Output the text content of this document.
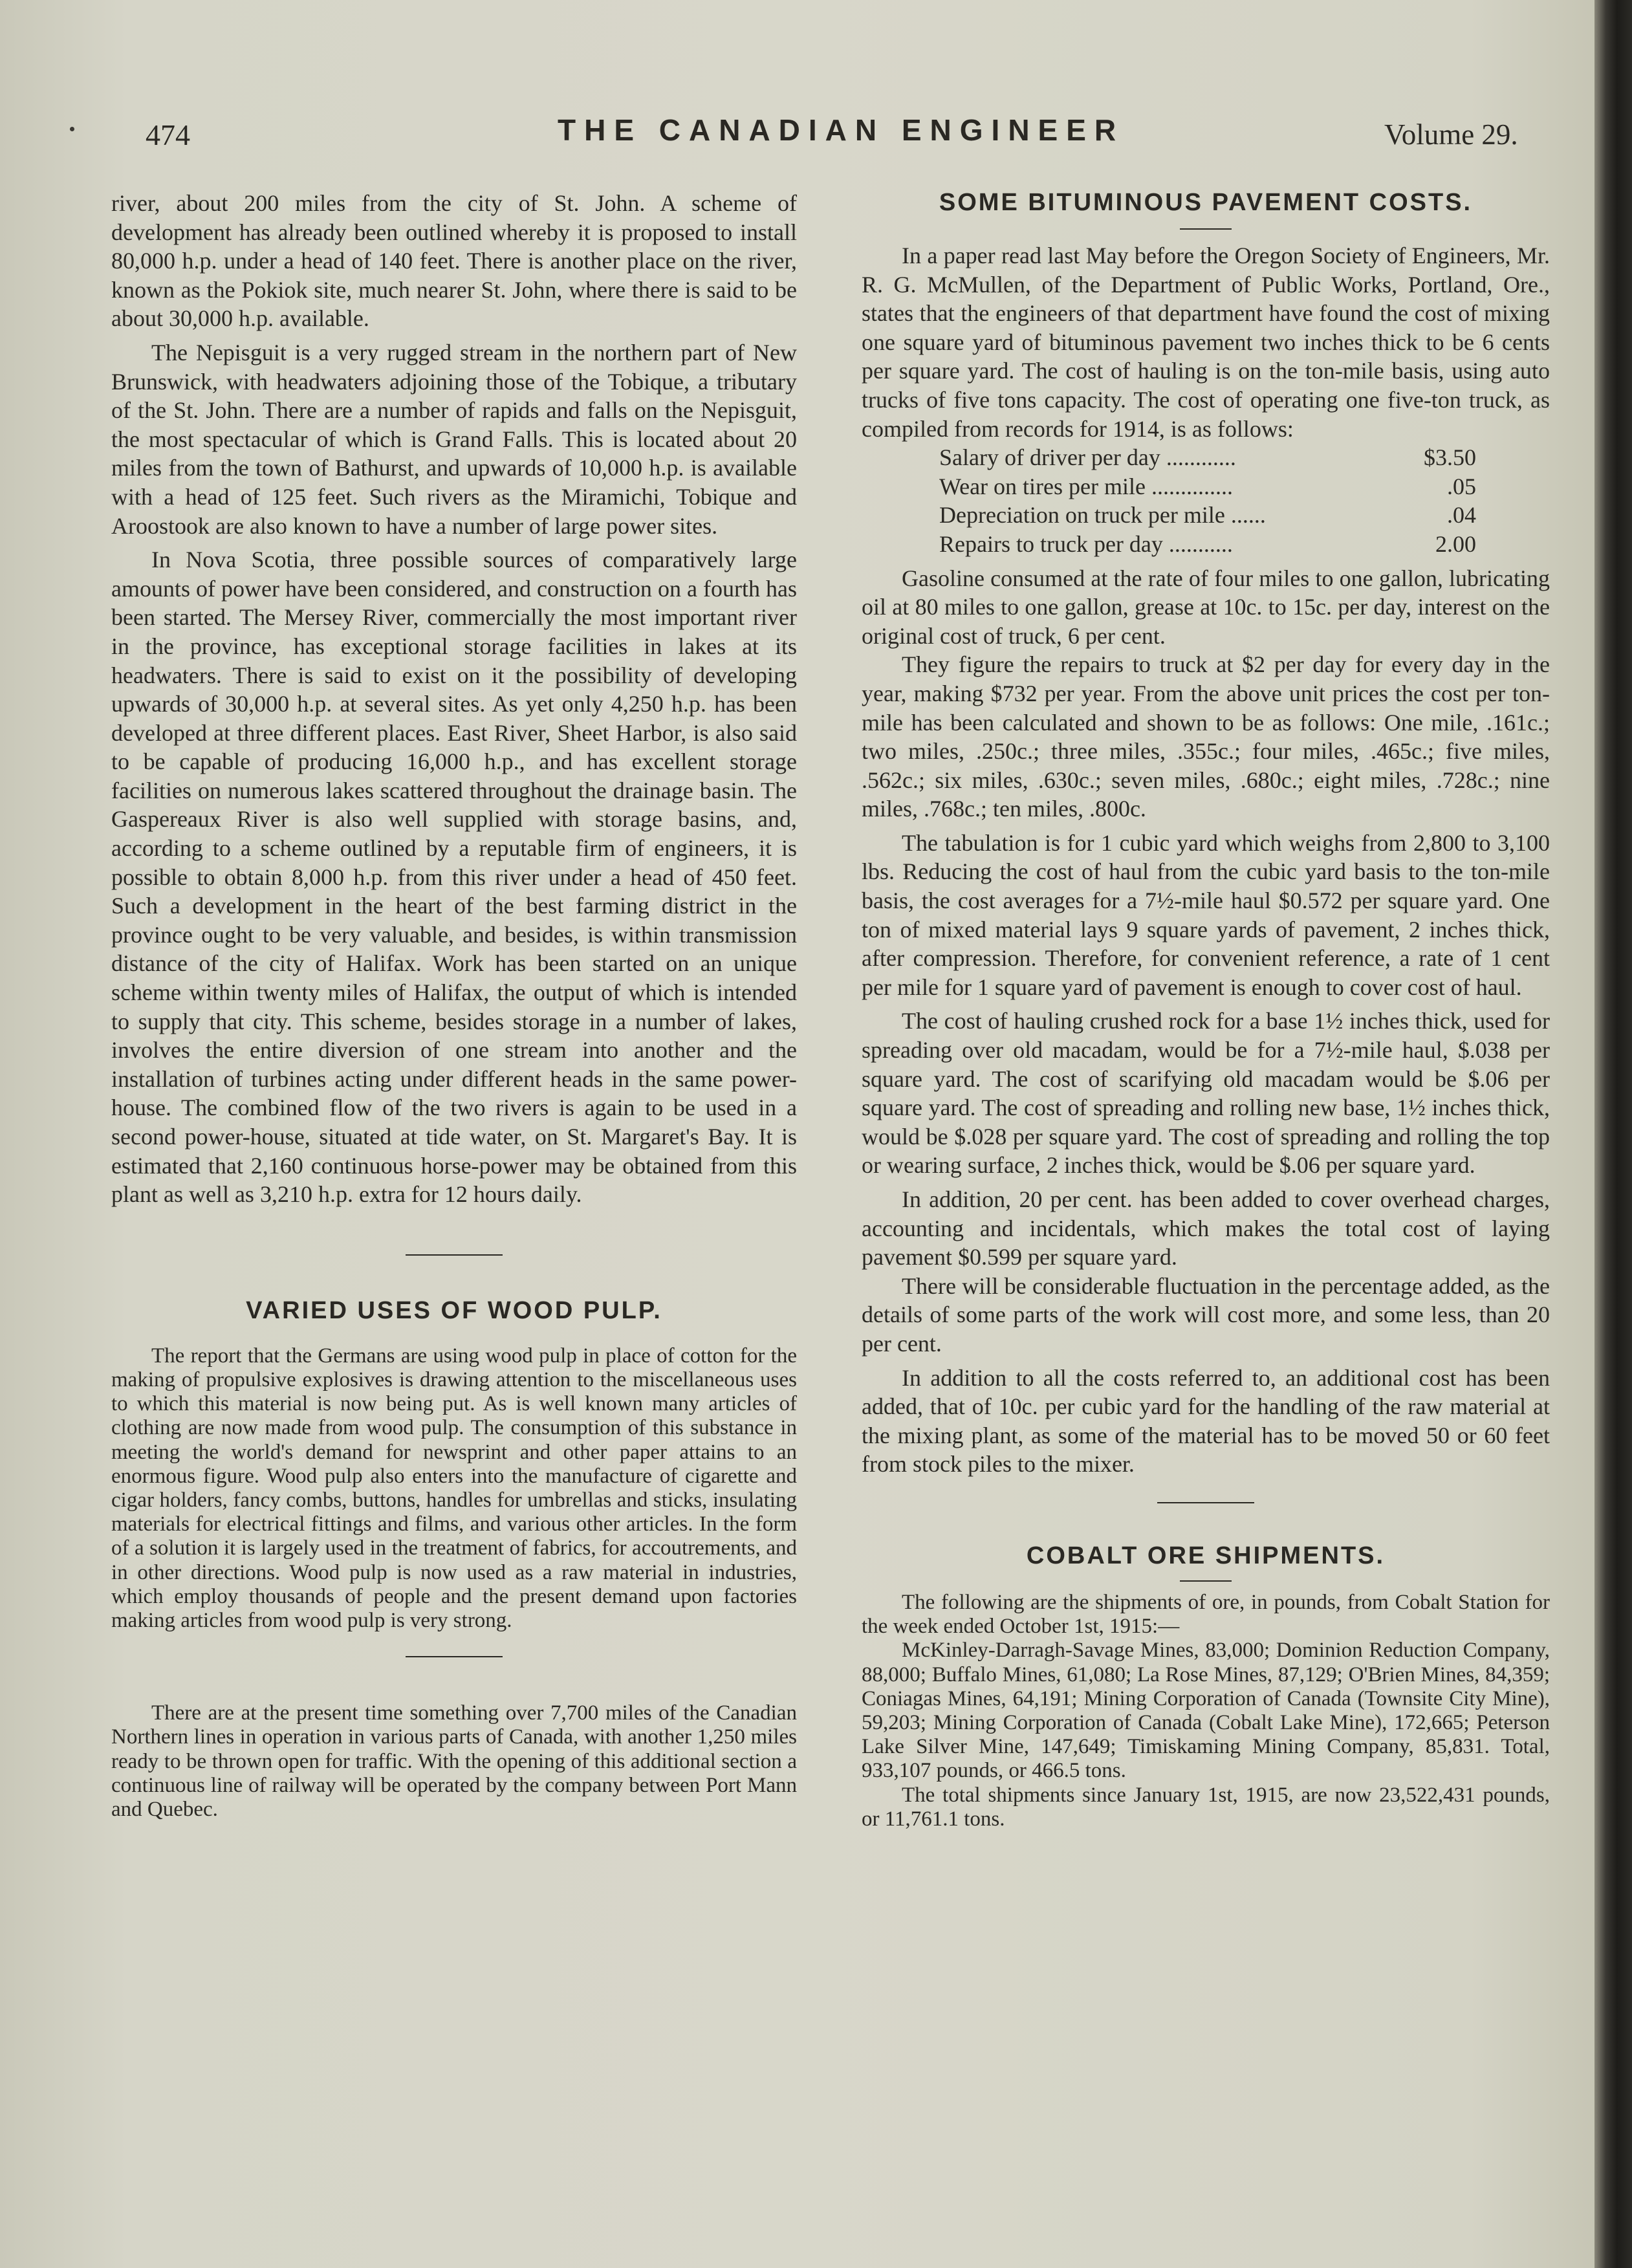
474	THE CANADIAN ENGINEER	Volume 29.

river, about 200 miles from the city of St. John. A scheme of development has already been outlined whereby it is proposed to install 80,000 h.p. under a head of 140 feet. There is another place on the river, known as the Pokiok site, much nearer St. John, where there is said to be about 30,000 h.p. available.

The Nepisguit is a very rugged stream in the northern part of New Brunswick, with headwaters adjoining those of the Tobique, a tributary of the St. John. There are a number of rapids and falls on the Nepisguit, the most spectacular of which is Grand Falls. This is located about 20 miles from the town of Bathurst, and upwards of 10,000 h.p. is available with a head of 125 feet. Such rivers as the Miramichi, Tobique and Aroostook are also known to have a number of large power sites.

In Nova Scotia, three possible sources of comparatively large amounts of power have been considered, and construction on a fourth has been started. The Mersey River, commercially the most important river in the province, has exceptional storage facilities in lakes at its headwaters. There is said to exist on it the possibility of developing upwards of 30,000 h.p. at several sites. As yet only 4,250 h.p. has been developed at three different places. East River, Sheet Harbor, is also said to be capable of producing 16,000 h.p., and has excellent storage facilities on numerous lakes scattered throughout the drainage basin. The Gaspereaux River is also well supplied with storage basins, and, according to a scheme outlined by a reputable firm of engineers, it is possible to obtain 8,000 h.p. from this river under a head of 450 feet. Such a development in the heart of the best farming district in the province ought to be very valuable, and besides, is within transmission distance of the city of Halifax. Work has been started on an unique scheme within twenty miles of Halifax, the output of which is intended to supply that city. This scheme, besides storage in a number of lakes, involves the entire diversion of one stream into another and the installation of turbines acting under different heads in the same power-house. The combined flow of the two rivers is again to be used in a second power-house, situated at tide water, on St. Margaret's Bay. It is estimated that 2,160 continuous horse-power may be obtained from this plant as well as 3,210 h.p. extra for 12 hours daily.

VARIED USES OF WOOD PULP.

The report that the Germans are using wood pulp in place of cotton for the making of propulsive explosives is drawing attention to the miscellaneous uses to which this material is now being put. As is well known many articles of clothing are now made from wood pulp. The consumption of this substance in meeting the world's demand for newsprint and other paper attains to an enormous figure. Wood pulp also enters into the manufacture of cigarette and cigar holders, fancy combs, buttons, handles for umbrellas and sticks, insulating materials for electrical fittings and films, and various other articles. In the form of a solution it is largely used in the treatment of fabrics, for accoutrements, and in other directions. Wood pulp is now used as a raw material in industries, which employ thousands of people and the present demand upon factories making articles from wood pulp is very strong.

There are at the present time something over 7,700 miles of the Canadian Northern lines in operation in various parts of Canada, with another 1,250 miles ready to be thrown open for traffic. With the opening of this additional section a continuous line of railway will be operated by the company between Port Mann and Quebec.

SOME BITUMINOUS PAVEMENT COSTS.

In a paper read last May before the Oregon Society of Engineers, Mr. R. G. McMullen, of the Department of Public Works, Portland, Ore., states that the engineers of that department have found the cost of mixing one square yard of bituminous pavement two inches thick to be 6 cents per square yard. The cost of hauling is on the ton-mile basis, using auto trucks of five tons capacity. The cost of operating one five-ton truck, as compiled from records for 1914, is as follows:

Salary of driver per day ............	$3.50
Wear on tires per mile ..............	.05
Depreciation on truck per mile ......	.04
Repairs to truck per day ...........	2.00

Gasoline consumed at the rate of four miles to one gallon, lubricating oil at 80 miles to one gallon, grease at 10c. to 15c. per day, interest on the original cost of truck, 6 per cent.

They figure the repairs to truck at $2 per day for every day in the year, making $732 per year. From the above unit prices the cost per ton-mile has been calculated and shown to be as follows: One mile, .161c.; two miles, .250c.; three miles, .355c.; four miles, .465c.; five miles, .562c.; six miles, .630c.; seven miles, .680c.; eight miles, .728c.; nine miles, .768c.; ten miles, .800c.

The tabulation is for 1 cubic yard which weighs from 2,800 to 3,100 lbs. Reducing the cost of haul from the cubic yard basis to the ton-mile basis, the cost averages for a 7½-mile haul $0.572 per square yard. One ton of mixed material lays 9 square yards of pavement, 2 inches thick, after compression. Therefore, for convenient reference, a rate of 1 cent per mile for 1 square yard of pavement is enough to cover cost of haul.

The cost of hauling crushed rock for a base 1½ inches thick, used for spreading over old macadam, would be for a 7½-mile haul, $.038 per square yard. The cost of scarifying old macadam would be $.06 per square yard. The cost of spreading and rolling new base, 1½ inches thick, would be $.028 per square yard. The cost of spreading and rolling the top or wearing surface, 2 inches thick, would be $.06 per square yard.

In addition, 20 per cent. has been added to cover overhead charges, accounting and incidentals, which makes the total cost of laying pavement $0.599 per square yard.

There will be considerable fluctuation in the percentage added, as the details of some parts of the work will cost more, and some less, than 20 per cent.

In addition to all the costs referred to, an additional cost has been added, that of 10c. per cubic yard for the handling of the raw material at the mixing plant, as some of the material has to be moved 50 or 60 feet from stock piles to the mixer.

COBALT ORE SHIPMENTS.

The following are the shipments of ore, in pounds, from Cobalt Station for the week ended October 1st, 1915:—

McKinley-Darragh-Savage Mines, 83,000; Dominion Reduction Company, 88,000; Buffalo Mines, 61,080; La Rose Mines, 87,129; O'Brien Mines, 84,359; Coniagas Mines, 64,191; Mining Corporation of Canada (Townsite City Mine), 59,203; Mining Corporation of Canada (Cobalt Lake Mine), 172,665; Peterson Lake Silver Mine, 147,649; Timiskaming Mining Company, 85,831. Total, 933,107 pounds, or 466.5 tons.

The total shipments since January 1st, 1915, are now 23,522,431 pounds, or 11,761.1 tons.
